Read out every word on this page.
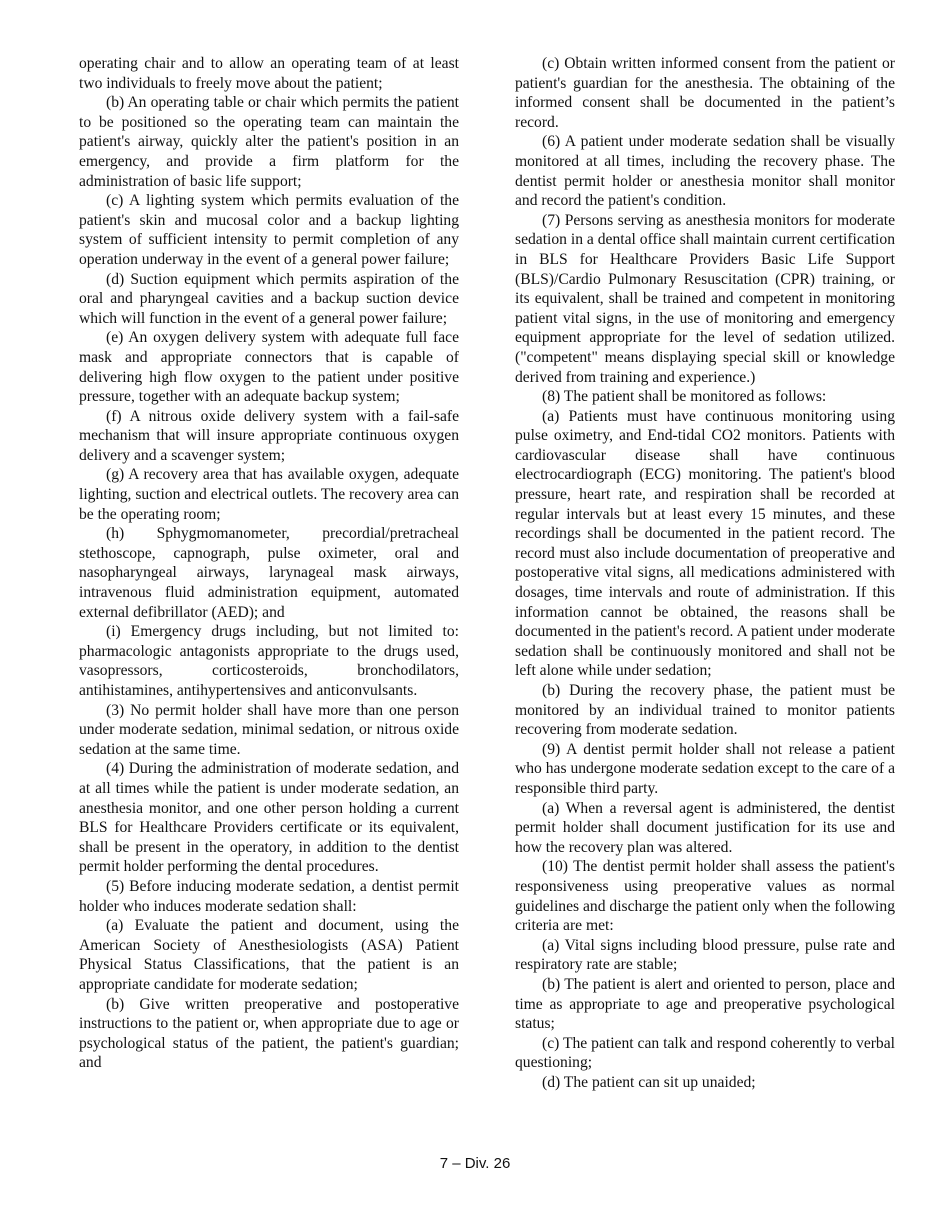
operating chair and to allow an operating team of at least two individuals to freely move about the patient;

(b) An operating table or chair which permits the patient to be positioned so the operating team can maintain the patient's airway, quickly alter the patient's position in an emergency, and provide a firm platform for the administration of basic life support;

(c) A lighting system which permits evaluation of the patient's skin and mucosal color and a backup lighting system of sufficient intensity to permit completion of any operation underway in the event of a general power failure;

(d) Suction equipment which permits aspiration of the oral and pharyngeal cavities and a backup suction device which will function in the event of a general power failure;

(e) An oxygen delivery system with adequate full face mask and appropriate connectors that is capable of delivering high flow oxygen to the patient under positive pressure, together with an adequate backup system;

(f) A nitrous oxide delivery system with a fail-safe mechanism that will insure appropriate continuous oxygen delivery and a scavenger system;

(g) A recovery area that has available oxygen, adequate lighting, suction and electrical outlets. The recovery area can be the operating room;

(h) Sphygmomanometer, precordial/pretracheal stethoscope, capnograph, pulse oximeter, oral and nasopharyngeal airways, larynageal mask airways, intravenous fluid administration equipment, automated external defibrillator (AED); and

(i) Emergency drugs including, but not limited to: pharmacologic antagonists appropriate to the drugs used, vasopressors, corticosteroids, bronchodilators, antihistamines, antihypertensives and anticonvulsants.

(3) No permit holder shall have more than one person under moderate sedation, minimal sedation, or nitrous oxide sedation at the same time.

(4) During the administration of moderate sedation, and at all times while the patient is under moderate sedation, an anesthesia monitor, and one other person holding a current BLS for Healthcare Providers certificate or its equivalent, shall be present in the operatory, in addition to the dentist permit holder performing the dental procedures.

(5) Before inducing moderate sedation, a dentist permit holder who induces moderate sedation shall:

(a) Evaluate the patient and document, using the American Society of Anesthesiologists (ASA) Patient Physical Status Classifications, that the patient is an appropriate candidate for moderate sedation;

(b) Give written preoperative and postoperative instructions to the patient or, when appropriate due to age or psychological status of the patient, the patient's guardian; and

(c) Obtain written informed consent from the patient or patient's guardian for the anesthesia. The obtaining of the informed consent shall be documented in the patient’s record.

(6) A patient under moderate sedation shall be visually monitored at all times, including the recovery phase. The dentist permit holder or anesthesia monitor shall monitor and record the patient's condition.

(7) Persons serving as anesthesia monitors for moderate sedation in a dental office shall maintain current certification in BLS for Healthcare Providers Basic Life Support (BLS)/Cardio Pulmonary Resuscitation (CPR) training, or its equivalent, shall be trained and competent in monitoring patient vital signs, in the use of monitoring and emergency equipment appropriate for the level of sedation utilized. ("competent" means displaying special skill or knowledge derived from training and experience.)

(8) The patient shall be monitored as follows:

(a) Patients must have continuous monitoring using pulse oximetry, and End-tidal CO2 monitors. Patients with cardiovascular disease shall have continuous electrocardiograph (ECG) monitoring. The patient's blood pressure, heart rate, and respiration shall be recorded at regular intervals but at least every 15 minutes, and these recordings shall be documented in the patient record. The record must also include documentation of preoperative and postoperative vital signs, all medications administered with dosages, time intervals and route of administration. If this information cannot be obtained, the reasons shall be documented in the patient's record. A patient under moderate sedation shall be continuously monitored and shall not be left alone while under sedation;

(b) During the recovery phase, the patient must be monitored by an individual trained to monitor patients recovering from moderate sedation.

(9) A dentist permit holder shall not release a patient who has undergone moderate sedation except to the care of a responsible third party.

(a) When a reversal agent is administered, the dentist permit holder shall document justification for its use and how the recovery plan was altered.

(10) The dentist permit holder shall assess the patient's responsiveness using preoperative values as normal guidelines and discharge the patient only when the following criteria are met:

(a) Vital signs including blood pressure, pulse rate and respiratory rate are stable;

(b) The patient is alert and oriented to person, place and time as appropriate to age and preoperative psychological status;

(c) The patient can talk and respond coherently to verbal questioning;

(d) The patient can sit up unaided;

7 – Div. 26
